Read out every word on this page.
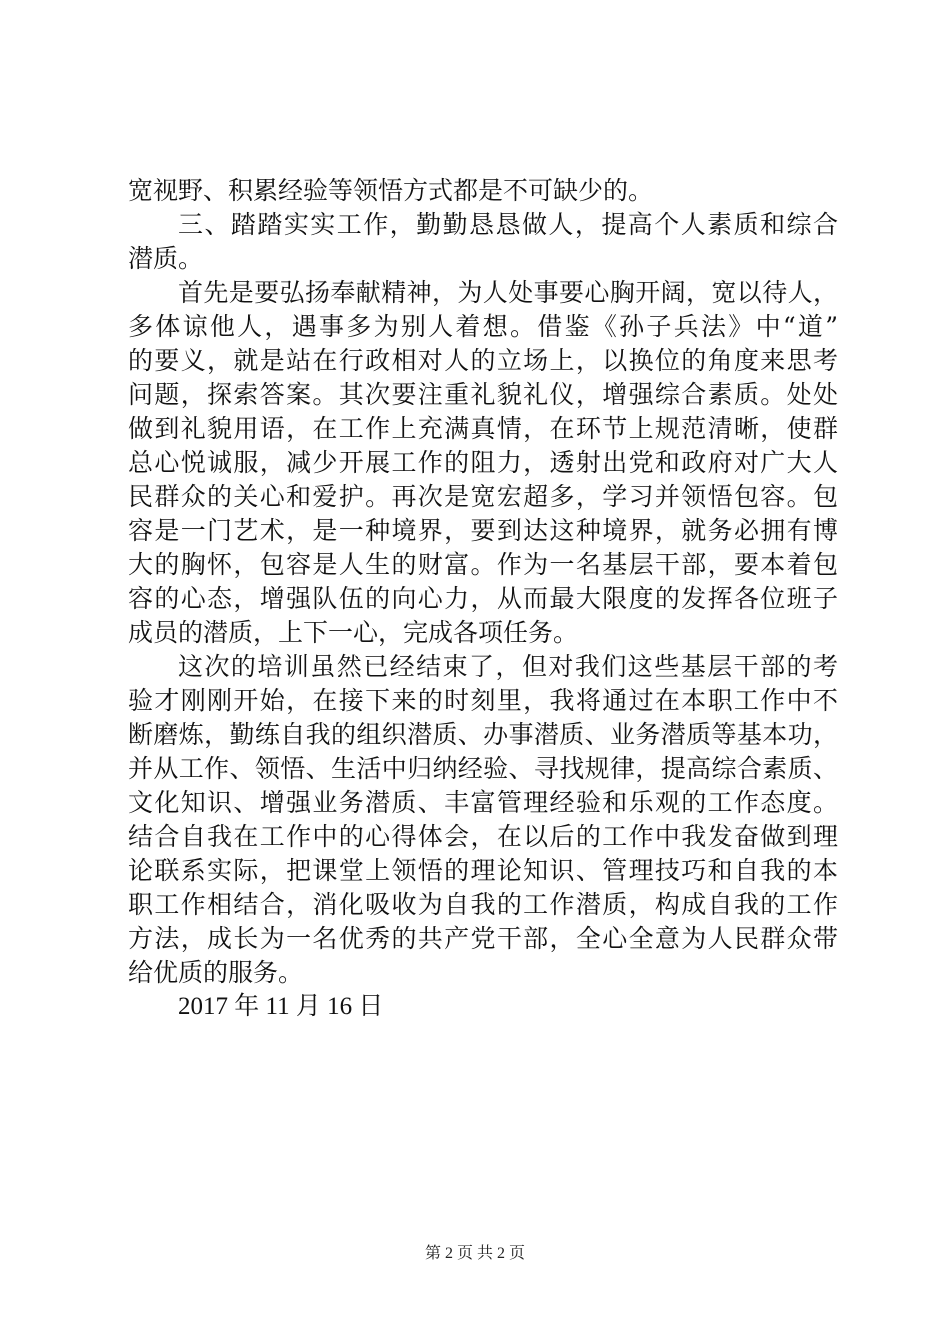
宽视野、积累经验等领悟方式都是不可缺少的。
三、踏踏实实工作，勤勤恳恳做人，提高个人素质和综合
潜质。
首先是要弘扬奉献精神，为人处事要心胸开阔，宽以待人，
多体谅他人，遇事多为别人着想。借鉴《孙子兵法》中“道”
的要义，就是站在行政相对人的立场上，以换位的角度来思考
问题，探索答案。其次要注重礼貌礼仪，增强综合素质。处处
做到礼貌用语，在工作上充满真情，在环节上规范清晰，使群
总心悦诚服，减少开展工作的阻力，透射出党和政府对广大人
民群众的关心和爱护。再次是宽宏超多，学习并领悟包容。包
容是一门艺术，是一种境界，要到达这种境界，就务必拥有博
大的胸怀，包容是人生的财富。作为一名基层干部，要本着包
容的心态，增强队伍的向心力，从而最大限度的发挥各位班子
成员的潜质，上下一心，完成各项任务。
这次的培训虽然已经结束了，但对我们这些基层干部的考
验才刚刚开始，在接下来的时刻里，我将通过在本职工作中不
断磨炼，勤练自我的组织潜质、办事潜质、业务潜质等基本功，
并从工作、领悟、生活中归纳经验、寻找规律，提高综合素质、
文化知识、增强业务潜质、丰富管理经验和乐观的工作态度。
结合自我在工作中的心得体会，在以后的工作中我发奋做到理
论联系实际，把课堂上领悟的理论知识、管理技巧和自我的本
职工作相结合，消化吸收为自我的工作潜质，构成自我的工作
方法，成长为一名优秀的共产党干部，全心全意为人民群众带
给优质的服务。
2017 年 11 月 16 日
第 2 页 共 2 页
